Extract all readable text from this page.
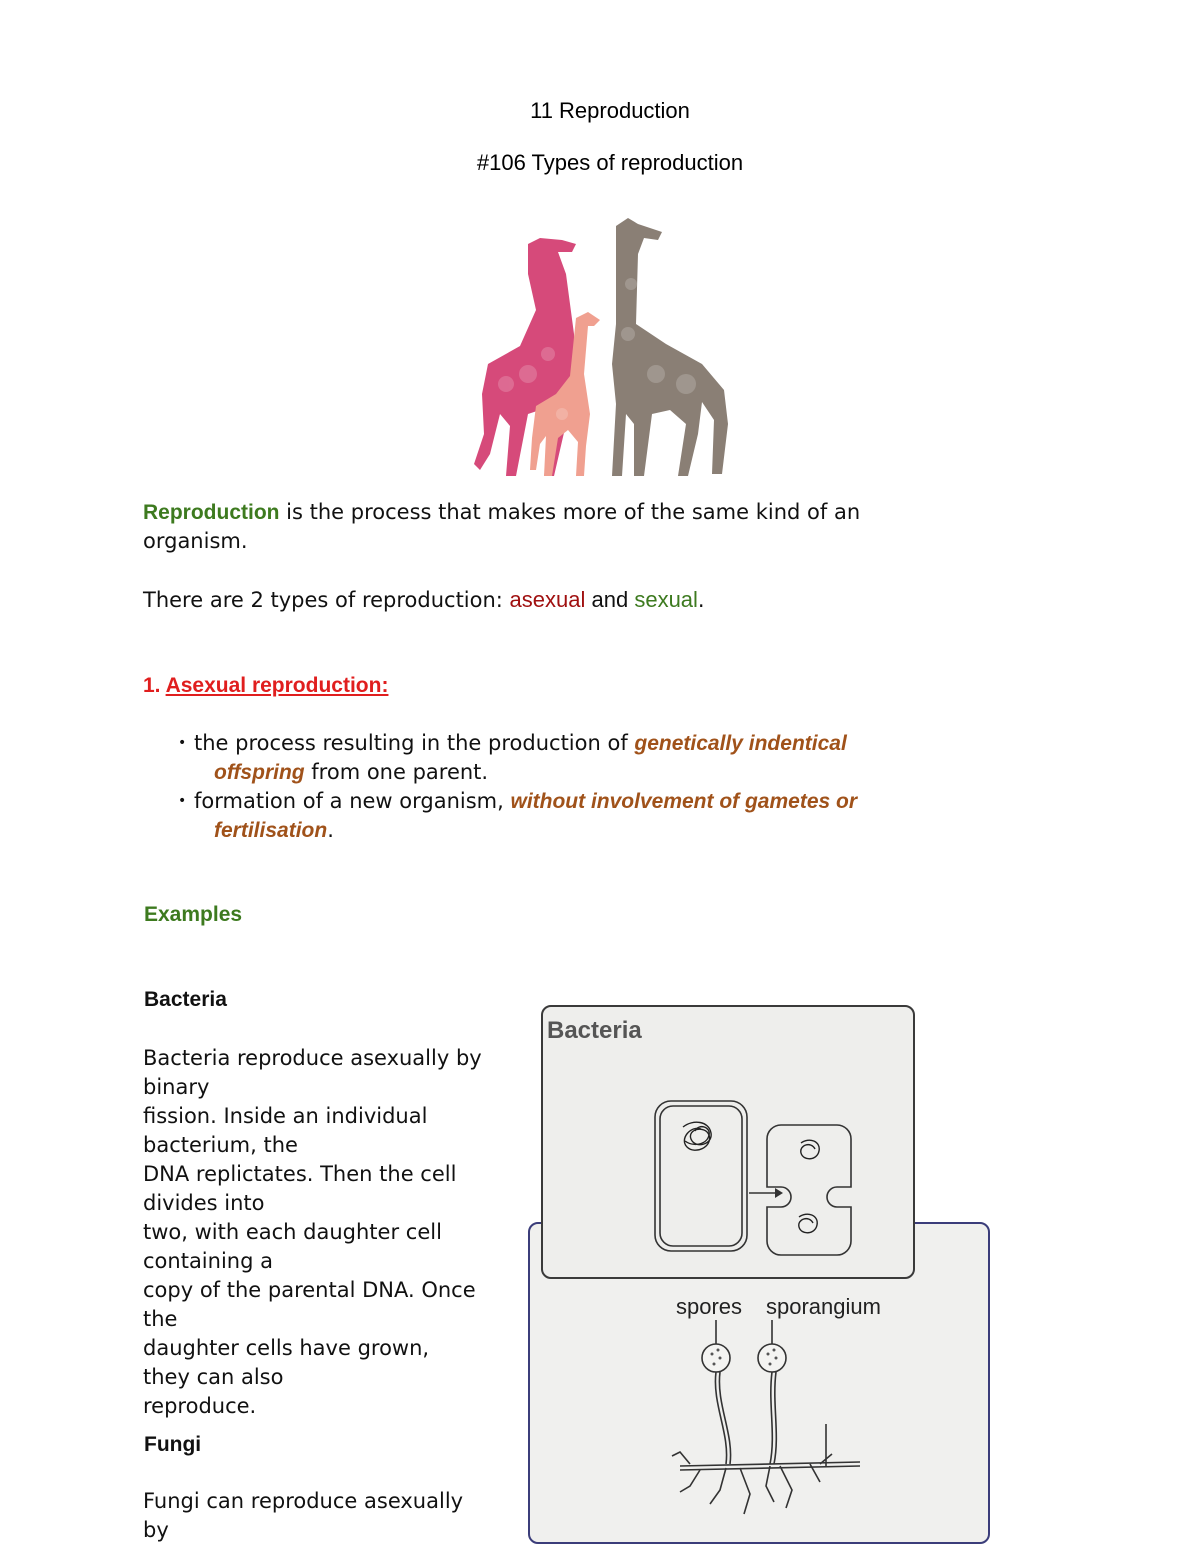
11 Reproduction
#106 Types of reproduction
Reproduction is the process that makes more of the same kind of an
organism.
There are 2 types of reproduction: asexual and sexual.
1. Asexual reproduction:
• the process resulting in the production of genetically indentical
offspring from one parent.
• formation of a new organism, without involvement of gametes or
fertilisation.
Examples
Bacteria
Bacteria reproduce asexually by
binary
fission. Inside an individual
bacterium, the
DNA replictates. Then the cell
divides into
two, with each daughter cell
containing a
copy of the parental DNA. Once
the
daughter cells have grown,
they can also
reproduce.
Fungi
Fungi can reproduce asexually
by
spores sporangium
Bacteria
